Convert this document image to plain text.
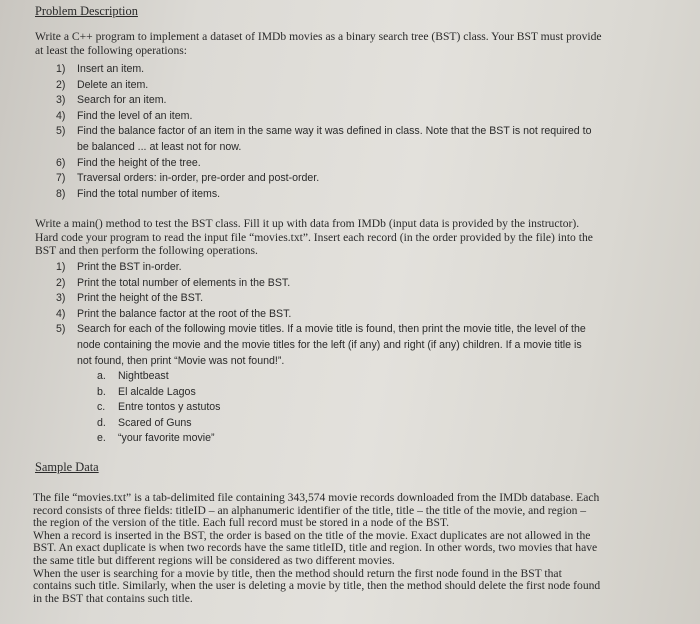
Problem Description
Write a C++ program to implement a dataset of IMDb movies as a binary search tree (BST) class. Your BST must provide
at least the following operations:
1) Insert an item.
2) Delete an item.
3) Search for an item.
4) Find the level of an item.
5) Find the balance factor of an item in the same way it was defined in class. Note that the BST is not required to
be balanced ... at least not for now.
6) Find the height of the tree.
7) Traversal orders: in-order, pre-order and post-order.
8) Find the total number of items.
Write a main() method to test the BST class. Fill it up with data from IMDb (input data is provided by the instructor).
Hard code your program to read the input file “movies.txt”. Insert each record (in the order provided by the file) into the
BST and then perform the following operations.
1) Print the BST in-order.
2) Print the total number of elements in the BST.
3) Print the height of the BST.
4) Print the balance factor at the root of the BST.
5) Search for each of the following movie titles. If a movie title is found, then print the movie title, the level of the
node containing the movie and the movie titles for the left (if any) and right (if any) children. If a movie title is
not found, then print “Movie was not found!”.
a. Nightbeast
b. El alcalde Lagos
c. Entre tontos y astutos
d. Scared of Guns
e. “your favorite movie”
Sample Data
The file “movies.txt” is a tab-delimited file containing 343,574 movie records downloaded from the IMDb database. Each
record consists of three fields: titleID – an alphanumeric identifier of the title, title – the title of the movie, and region –
the region of the version of the title. Each full record must be stored in a node of the BST.
When a record is inserted in the BST, the order is based on the title of the movie. Exact duplicates are not allowed in the
BST. An exact duplicate is when two records have the same titleID, title and region. In other words, two movies that have
the same title but different regions will be considered as two different movies.
When the user is searching for a movie by title, then the method should return the first node found in the BST that
contains such title. Similarly, when the user is deleting a movie by title, then the method should delete the first node found
in the BST that contains such title.
